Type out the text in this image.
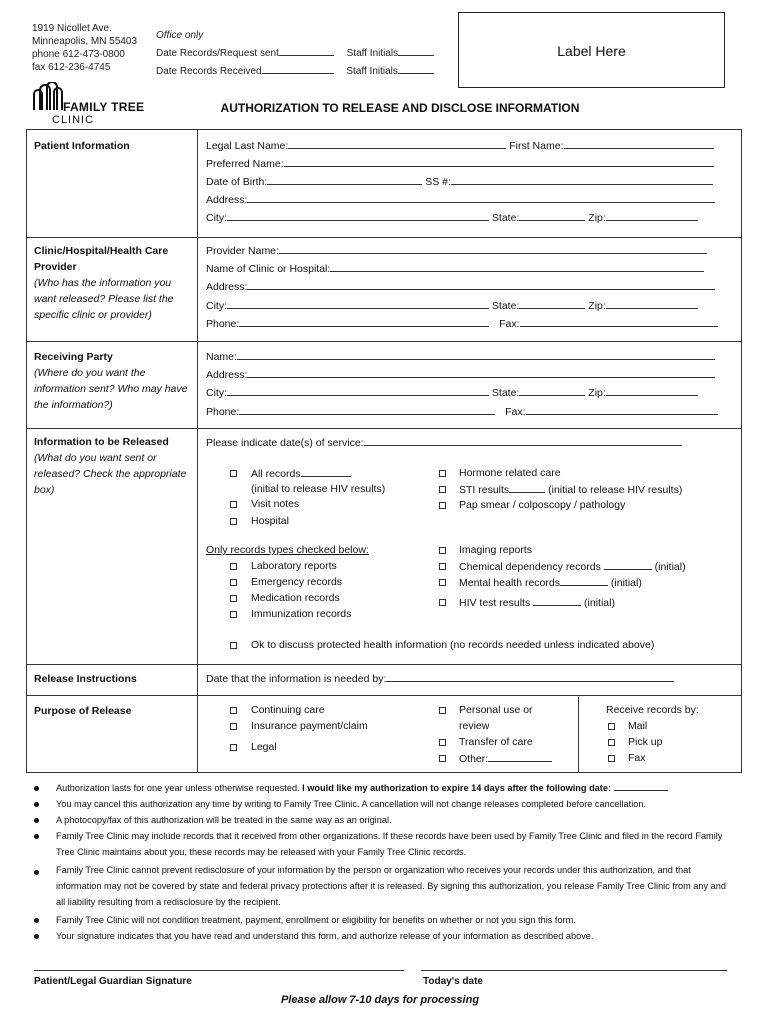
1919 Nicollet Ave.
Minneapolis, MN 55403
phone 612-473-0800
fax 612-236-4745
Office only
Date Records/Request sent	Staff Initials
Date Records Received	Staff Initials
Label Here
FAMILY TREE
CLINIC
AUTHORIZATION TO RELEASE AND DISCLOSE INFORMATION
Patient Information	Legal Last Name:	First Name:
Preferred Name:
Date of Birth:	SS #:
Address:
City:	State:	Zip:
Clinic/Hospital/Health Care Provider
(Who has the information you want released? Please list the specific clinic or provider)
Provider Name:
Name of Clinic or Hospital:
Address:
City:	State:	Zip:
Phone:	Fax:
Receiving Party
(Where do you want the information sent? Who may have the information?)
Name:
Address:
City:	State:	Zip:
Phone:	Fax:
Information to be Released
(What do you want sent or released? Check the appropriate box)
Please indicate date(s) of service:
All records
(initial to release HIV results)
Visit notes
Hospital
Hormone related care
STI results	(initial to release HIV results)
Pap smear / colposcopy / pathology
Only records types checked below:
Laboratory reports
Emergency records
Medication records
Immunization records
Imaging reports
Chemical dependency records	(initial)
Mental health records	(initial)
HIV test results	(initial)
Ok to discuss protected health information (no records needed unless indicated above)
Release Instructions	Date that the information is needed by:
Purpose of Release	Continuing care
Insurance payment/claim
Legal
Personal use or
review
Transfer of care
Other:
Receive records by:
Mail
Pick up
Fax
Authorization lasts for one year unless otherwise requested. I would like my authorization to expire 14 days after the following date:
You may cancel this authorization any time by writing to Family Tree Clinic. A cancellation will not change releases completed before cancellation.
A photocopy/fax of this authorization will be treated in the same way as an original.
Family Tree Clinic may include records that it received from other organizations. If these records have been used by Family Tree Clinic and filed in the record Family Tree Clinic maintains about you, these records may be released with your Family Tree Clinic records.
Family Tree Clinic cannot prevent redisclosure of your information by the person or organization who receives your records under this authorization, and that information may not be covered by state and federal privacy protections after it is released. By signing this authorization, you release Family Tree Clinic from any and all liability resulting from a redisclosure by the recipient.
Family Tree Clinic will not condition treatment, payment, enrollment or eligibility for benefits on whether or not you sign this form.
Your signature indicates that you have read and understand this form, and authorize release of your information as described above.
Patient/Legal Guardian Signature	Today's date
Please allow 7-10 days for processing
